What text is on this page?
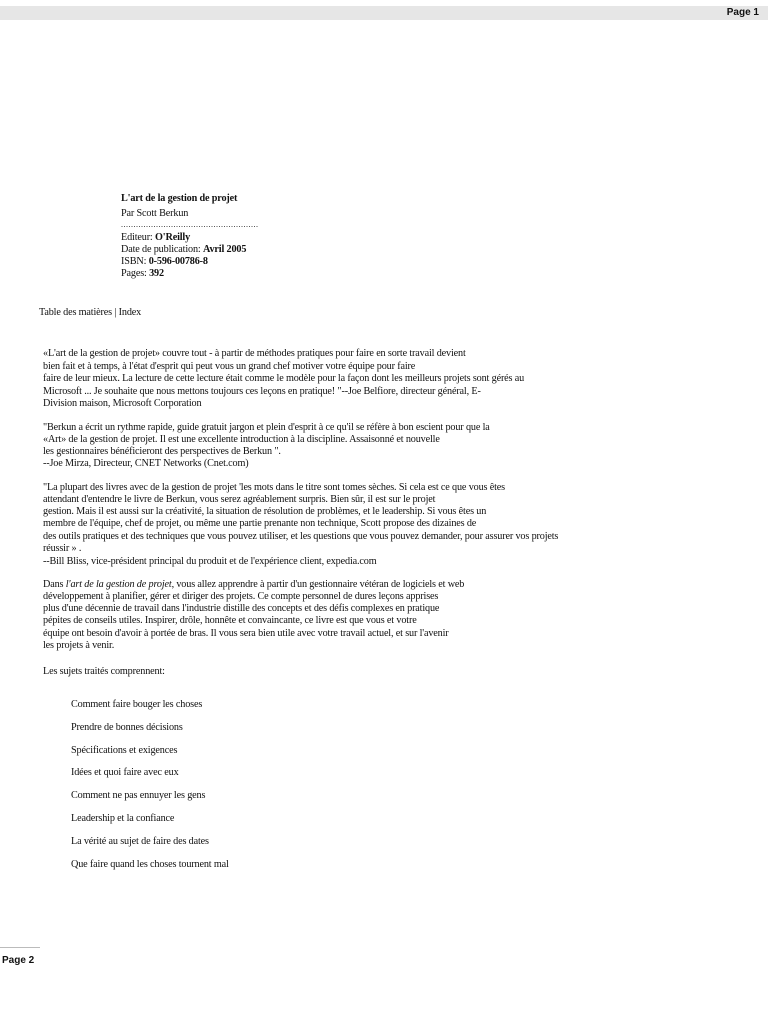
Page 1
L'art de la gestion de projet
Par Scott Berkun
.......................................................
Editeur: O'Reilly
Date de publication: Avril 2005
ISBN: 0-596-00786-8
Pages: 392
Table des matières | Index
«L'art de la gestion de projet» couvre tout - à partir de méthodes pratiques pour faire en sorte travail devient
bien fait et à temps, à l'état d'esprit qui peut vous un grand chef motiver votre équipe pour faire
faire de leur mieux. La lecture de cette lecture était comme le modèle pour la façon dont les meilleurs projets sont gérés au
Microsoft ... Je souhaite que nous mettons toujours ces leçons en pratique! "--Joe Belfiore, directeur général, E-
Division maison, Microsoft Corporation
"Berkun a écrit un rythme rapide, guide gratuit jargon et plein d'esprit à ce qu'il se réfère à bon escient pour que la
«Art» de la gestion de projet. Il est une excellente introduction à la discipline. Assaisonné et nouvelle
les gestionnaires bénéficieront des perspectives de Berkun ".
--Joe Mirza, Directeur, CNET Networks (Cnet.com)
"La plupart des livres avec de la gestion de projet 'les mots dans le titre sont tomes sèches. Si cela est ce que vous êtes
attendant d'entendre le livre de Berkun, vous serez agréablement surpris. Bien sûr, il est sur le projet
gestion. Mais il est aussi sur la créativité, la situation de résolution de problèmes, et le leadership. Si vous êtes un
membre de l'équipe, chef de projet, ou même une partie prenante non technique, Scott propose des dizaines de
des outils pratiques et des techniques que vous pouvez utiliser, et les questions que vous pouvez demander, pour assurer vos projets
réussir » .
--Bill Bliss, vice-président principal du produit et de l'expérience client, expedia.com
Dans l'art de la gestion de projet, vous allez apprendre à partir d'un gestionnaire vétéran de logiciels et web
développement à planifier, gérer et diriger des projets. Ce compte personnel de dures leçons apprises
plus d'une décennie de travail dans l'industrie distille des concepts et des défis complexes en pratique
pépites de conseils utiles. Inspirer, drôle, honnête et convaincante, ce livre est que vous et votre
équipe ont besoin d'avoir à portée de bras. Il vous sera bien utile avec votre travail actuel, et sur l'avenir
les projets à venir.
Les sujets traités comprennent:
Comment faire bouger les choses
Prendre de bonnes décisions
Spécifications et exigences
Idées et quoi faire avec eux
Comment ne pas ennuyer les gens
Leadership et la confiance
La vérité au sujet de faire des dates
Que faire quand les choses tournent mal
Page 2
